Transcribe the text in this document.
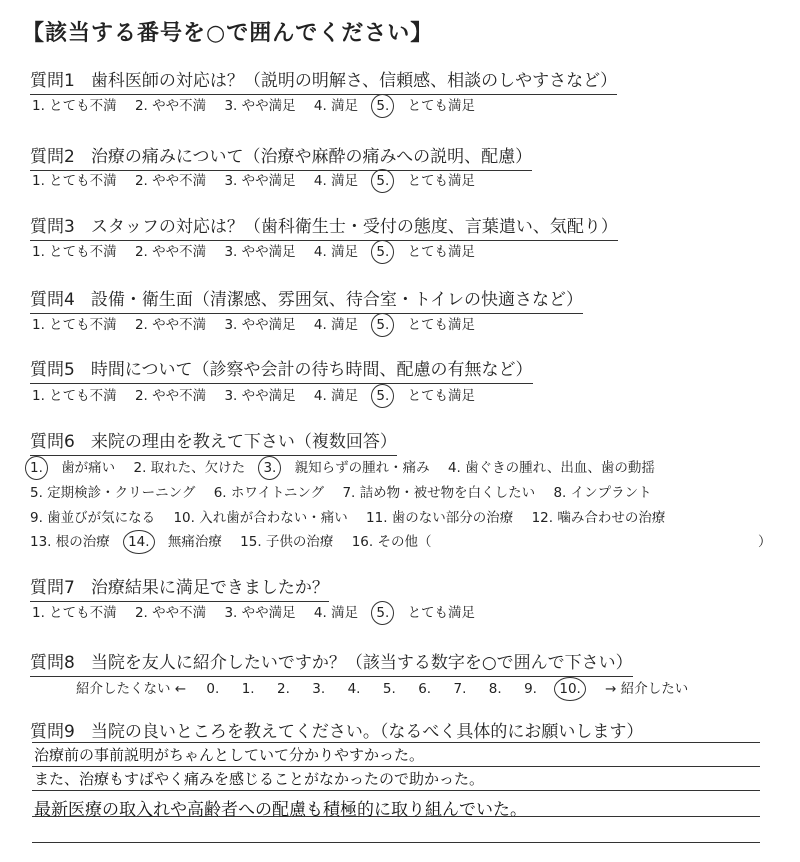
【該当する番号を○で囲んでください】
質問1 歯科医師の対応は？（説明の明解さ、信頼感、相談のしやすさなど）
1. とても不満 2. やや不満 3. やや満足 4. 満足 5. とても満足
質問2 治療の痛みについて（治療や麻酔の痛みへの説明、配慮）
1. とても不満 2. やや不満 3. やや満足 4. 満足 5. とても満足
質問3 スタッフの対応は？（歯科衛生士・受付の態度、言葉遣い、気配り）
1. とても不満 2. やや不満 3. やや満足 4. 満足 5. とても満足
質問4 設備・衛生面（清潔感、雰囲気、待合室・トイレの快適さなど）
1. とても不満 2. やや不満 3. やや満足 4. 満足 5. とても満足
質問5 時間について（診察や会計の待ち時間、配慮の有無など）
1. とても不満 2. やや不満 3. やや満足 4. 満足 5. とても満足
質問6 来院の理由を教えて下さい（複数回答）
1. 歯が痛い 2. 取れた、欠けた 3. 親知らずの腫れ・痛み 4. 歯ぐきの腫れ、出血、歯の動揺
5. 定期検診・クリーニング 6. ホワイトニング 7. 詰め物・被せ物を白くしたい 8. インプラント
9. 歯並びが気になる 10. 入れ歯が合わない・痛い 11. 歯のない部分の治療 12. 噛み合わせの治療
13. 根の治療 14. 無痛治療 15. 子供の治療 16. その他（	）
質問7 治療結果に満足できましたか？
1. とても不満 2. やや不満 3. やや満足 4. 満足 5. とても満足
質問8 当院を友人に紹介したいですか？（該当する数字を○で囲んで下さい）
紹介したくない ← 0. 1. 2. 3. 4. 5. 6. 7. 8. 9. 10. → 紹介したい
質問9 当院の良いところを教えてください。（なるべく具体的にお願いします）
治療前の事前説明がちゃんとしていて分かりやすかった。
また、治療もすばやく痛みを感じることがなかったので助かった。
最新医療の取入れや高齢者への配慮も積極的に取り組んでいた。
